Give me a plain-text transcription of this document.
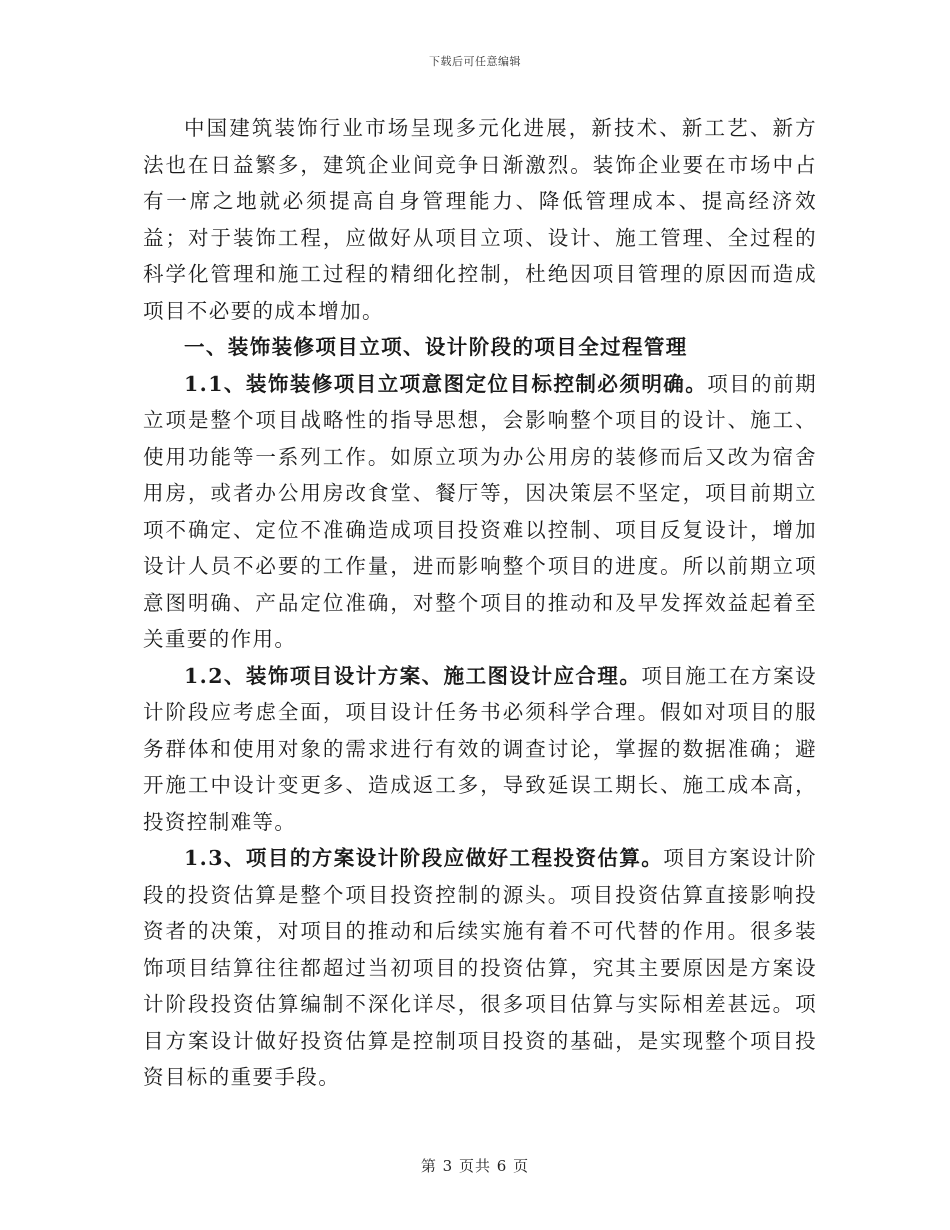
下载后可任意编辑

中国建筑装饰行业市场呈现多元化进展，新技术、新工艺、新方法也在日益繁多，建筑企业间竞争日渐激烈。装饰企业要在市场中占有一席之地就必须提高自身管理能力、降低管理成本、提高经济效益；对于装饰工程，应做好从项目立项、设计、施工管理、全过程的科学化管理和施工过程的精细化控制，杜绝因项目管理的原因而造成项目不必要的成本增加。

一、装饰装修项目立项、设计阶段的项目全过程管理

1.1、装饰装修项目立项意图定位目标控制必须明确。项目的前期立项是整个项目战略性的指导思想，会影响整个项目的设计、施工、使用功能等一系列工作。如原立项为办公用房的装修而后又改为宿舍用房，或者办公用房改食堂、餐厅等，因决策层不坚定，项目前期立项不确定、定位不准确造成项目投资难以控制、项目反复设计，增加设计人员不必要的工作量，进而影响整个项目的进度。所以前期立项意图明确、产品定位准确，对整个项目的推动和及早发挥效益起着至关重要的作用。

1.2、装饰项目设计方案、施工图设计应合理。项目施工在方案设计阶段应考虑全面，项目设计任务书必须科学合理。假如对项目的服务群体和使用对象的需求进行有效的调查讨论，掌握的数据准确；避开施工中设计变更多、造成返工多，导致延误工期长、施工成本高，投资控制难等。

1.3、项目的方案设计阶段应做好工程投资估算。项目方案设计阶段的投资估算是整个项目投资控制的源头。项目投资估算直接影响投资者的决策，对项目的推动和后续实施有着不可代替的作用。很多装饰项目结算往往都超过当初项目的投资估算，究其主要原因是方案设计阶段投资估算编制不深化详尽，很多项目估算与实际相差甚远。项目方案设计做好投资估算是控制项目投资的基础，是实现整个项目投资目标的重要手段。

第 3 页共 6 页
